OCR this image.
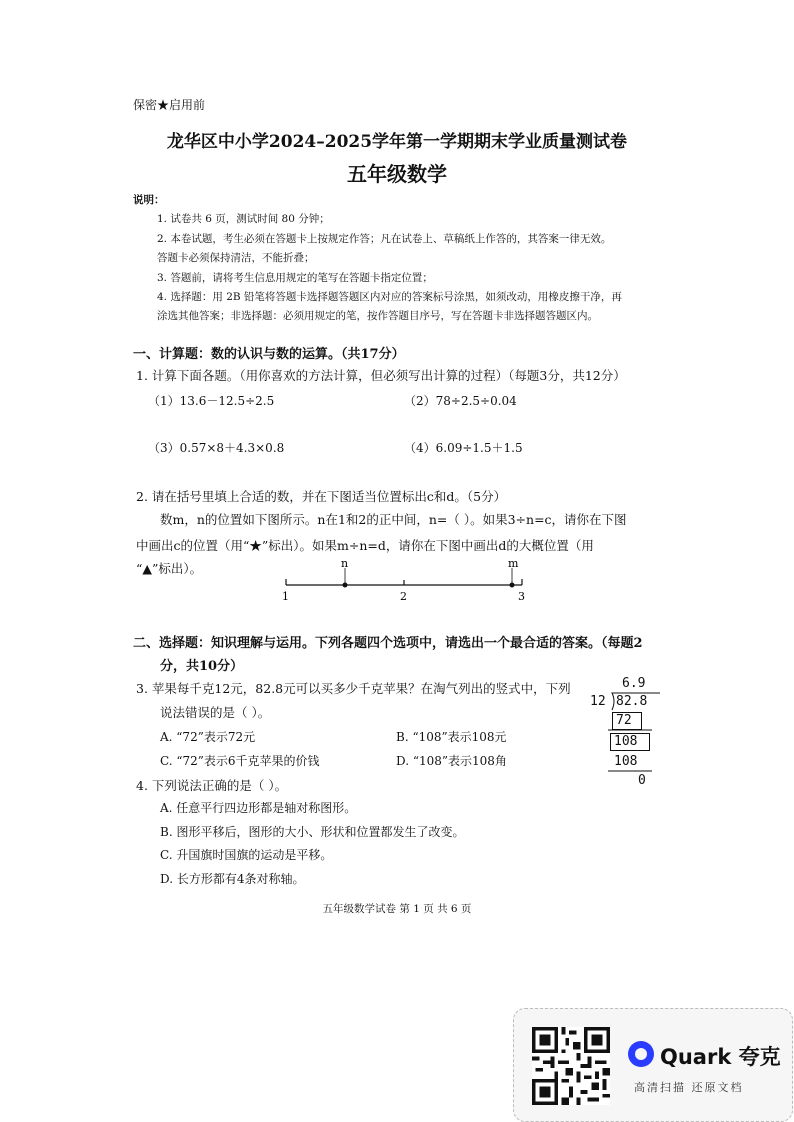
保密★启用前
龙华区中小学2024–2025学年第一学期期末学业质量测试卷
五年级数学
说明：
1. 试卷共 6 页，测试时间 80 分钟；
2. 本卷试题，考生必须在答题卡上按规定作答；凡在试卷上、草稿纸上作答的，其答案一律无效。
答题卡必须保持清洁，不能折叠；
3. 答题前，请将考生信息用规定的笔写在答题卡指定位置；
4. 选择题：用 2B 铅笔将答题卡选择题答题区内对应的答案标号涂黑，如须改动，用橡皮擦干净，再
涂选其他答案；非选择题：必须用规定的笔，按作答题目序号，写在答题卡非选择题答题区内。
一、计算题：数的认识与数的运算。（共17分）
1. 计算下面各题。（用你喜欢的方法计算，但必须写出计算的过程）（每题3分，共12分）
（1）13.6－12.5÷2.5	（2）78÷2.5÷0.04
（3）0.57×8＋4.3×0.8	（4）6.09÷1.5＋1.5
2. 请在括号里填上合适的数，并在下图适当位置标出c和d。（5分）
数m，n的位置如下图所示。n在1和2的正中间，n=（ ）。如果3÷n=c，请你在下图
中画出c的位置（用“★”标出）。如果m÷n=d，请你在下图中画出d的大概位置（用
“▲”标出）。	n	m
1	2	3
二、选择题：知识理解与运用。下列各题四个选项中，请选出一个最合适的答案。（每题2
分，共10分）
3. 苹果每千克12元，82.8元可以买多少千克苹果？在淘气列出的竖式中，下列
说法错误的是（ ）。
A. “72”表示72元	B. “108”表示108元
C. “72”表示6千克苹果的价钱	D. “108”表示108角
6.9
12 82.8
72
108
108
0
4. 下列说法正确的是（ ）。
A. 任意平行四边形都是轴对称图形。
B. 图形平移后，图形的大小、形状和位置都发生了改变。
C. 升国旗时国旗的运动是平移。
D. 长方形都有4条对称轴。
五年级数学试卷 第 1 页 共 6 页
Quark 夸克
高清扫描 还原文档
